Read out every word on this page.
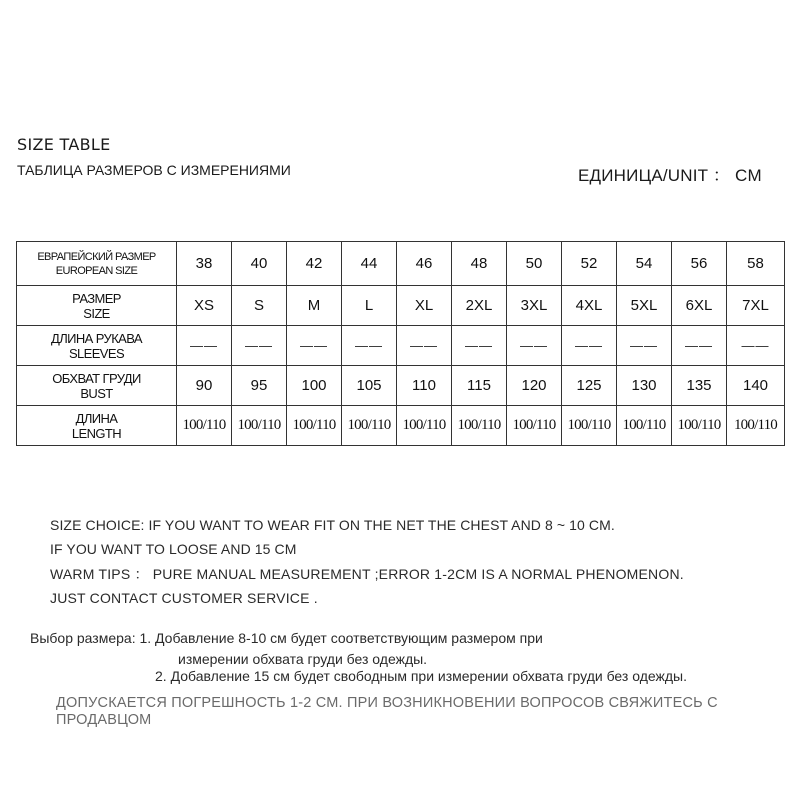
SIZE TABLE
ТАБЛИЦА РАЗМЕРОВ С ИЗМЕРЕНИЯМИ	ЕДИНИЦА/UNIT ： CM
ЕВРАПЕЙСКИЙ РАЗМЕР
EUROPEAN SIZE	38	40	42	44	46	48	50	52	54	56	58

РАЗМЕР
SIZE	XS	S	M	L	XL	2XL	3XL	4XL	5XL	6XL	7XL

ДЛИНА РУКАВА
SLEEVES	——	——	——	——	——	——	——	——	——	——	——

ОБХВАТ ГРУДИ
BUST	90	95	100	105	110	115	120	125	130	135	140

ДЛИНА
LENGTH	100/110	100/110	100/110	100/110	100/110	100/110	100/110	100/110	100/110	100/110	100/110
SIZE CHOICE: IF YOU WANT TO WEAR FIT ON THE NET THE CHEST AND 8 ~ 10 CM.
IF YOU WANT TO LOOSE AND 15 CM
WARM TIPS ： PURE MANUAL MEASUREMENT ;ERROR 1-2CM IS A NORMAL PHENOMENON.
JUST CONTACT CUSTOMER SERVICE .
Выбор размера: 1. Добавление 8-10 см будет соответствующим размером при
измерении обхвата груди без одежды.
2. Добавление 15 см будет свободным при измерении обхвата груди без одежды.
ДОПУСКАЕТСЯ ПОГРЕШНОСТЬ 1-2 СМ. ПРИ ВОЗНИКНОВЕНИИ ВОПРОСОВ СВЯЖИТЕСЬ С ПРОДАВЦОМ
